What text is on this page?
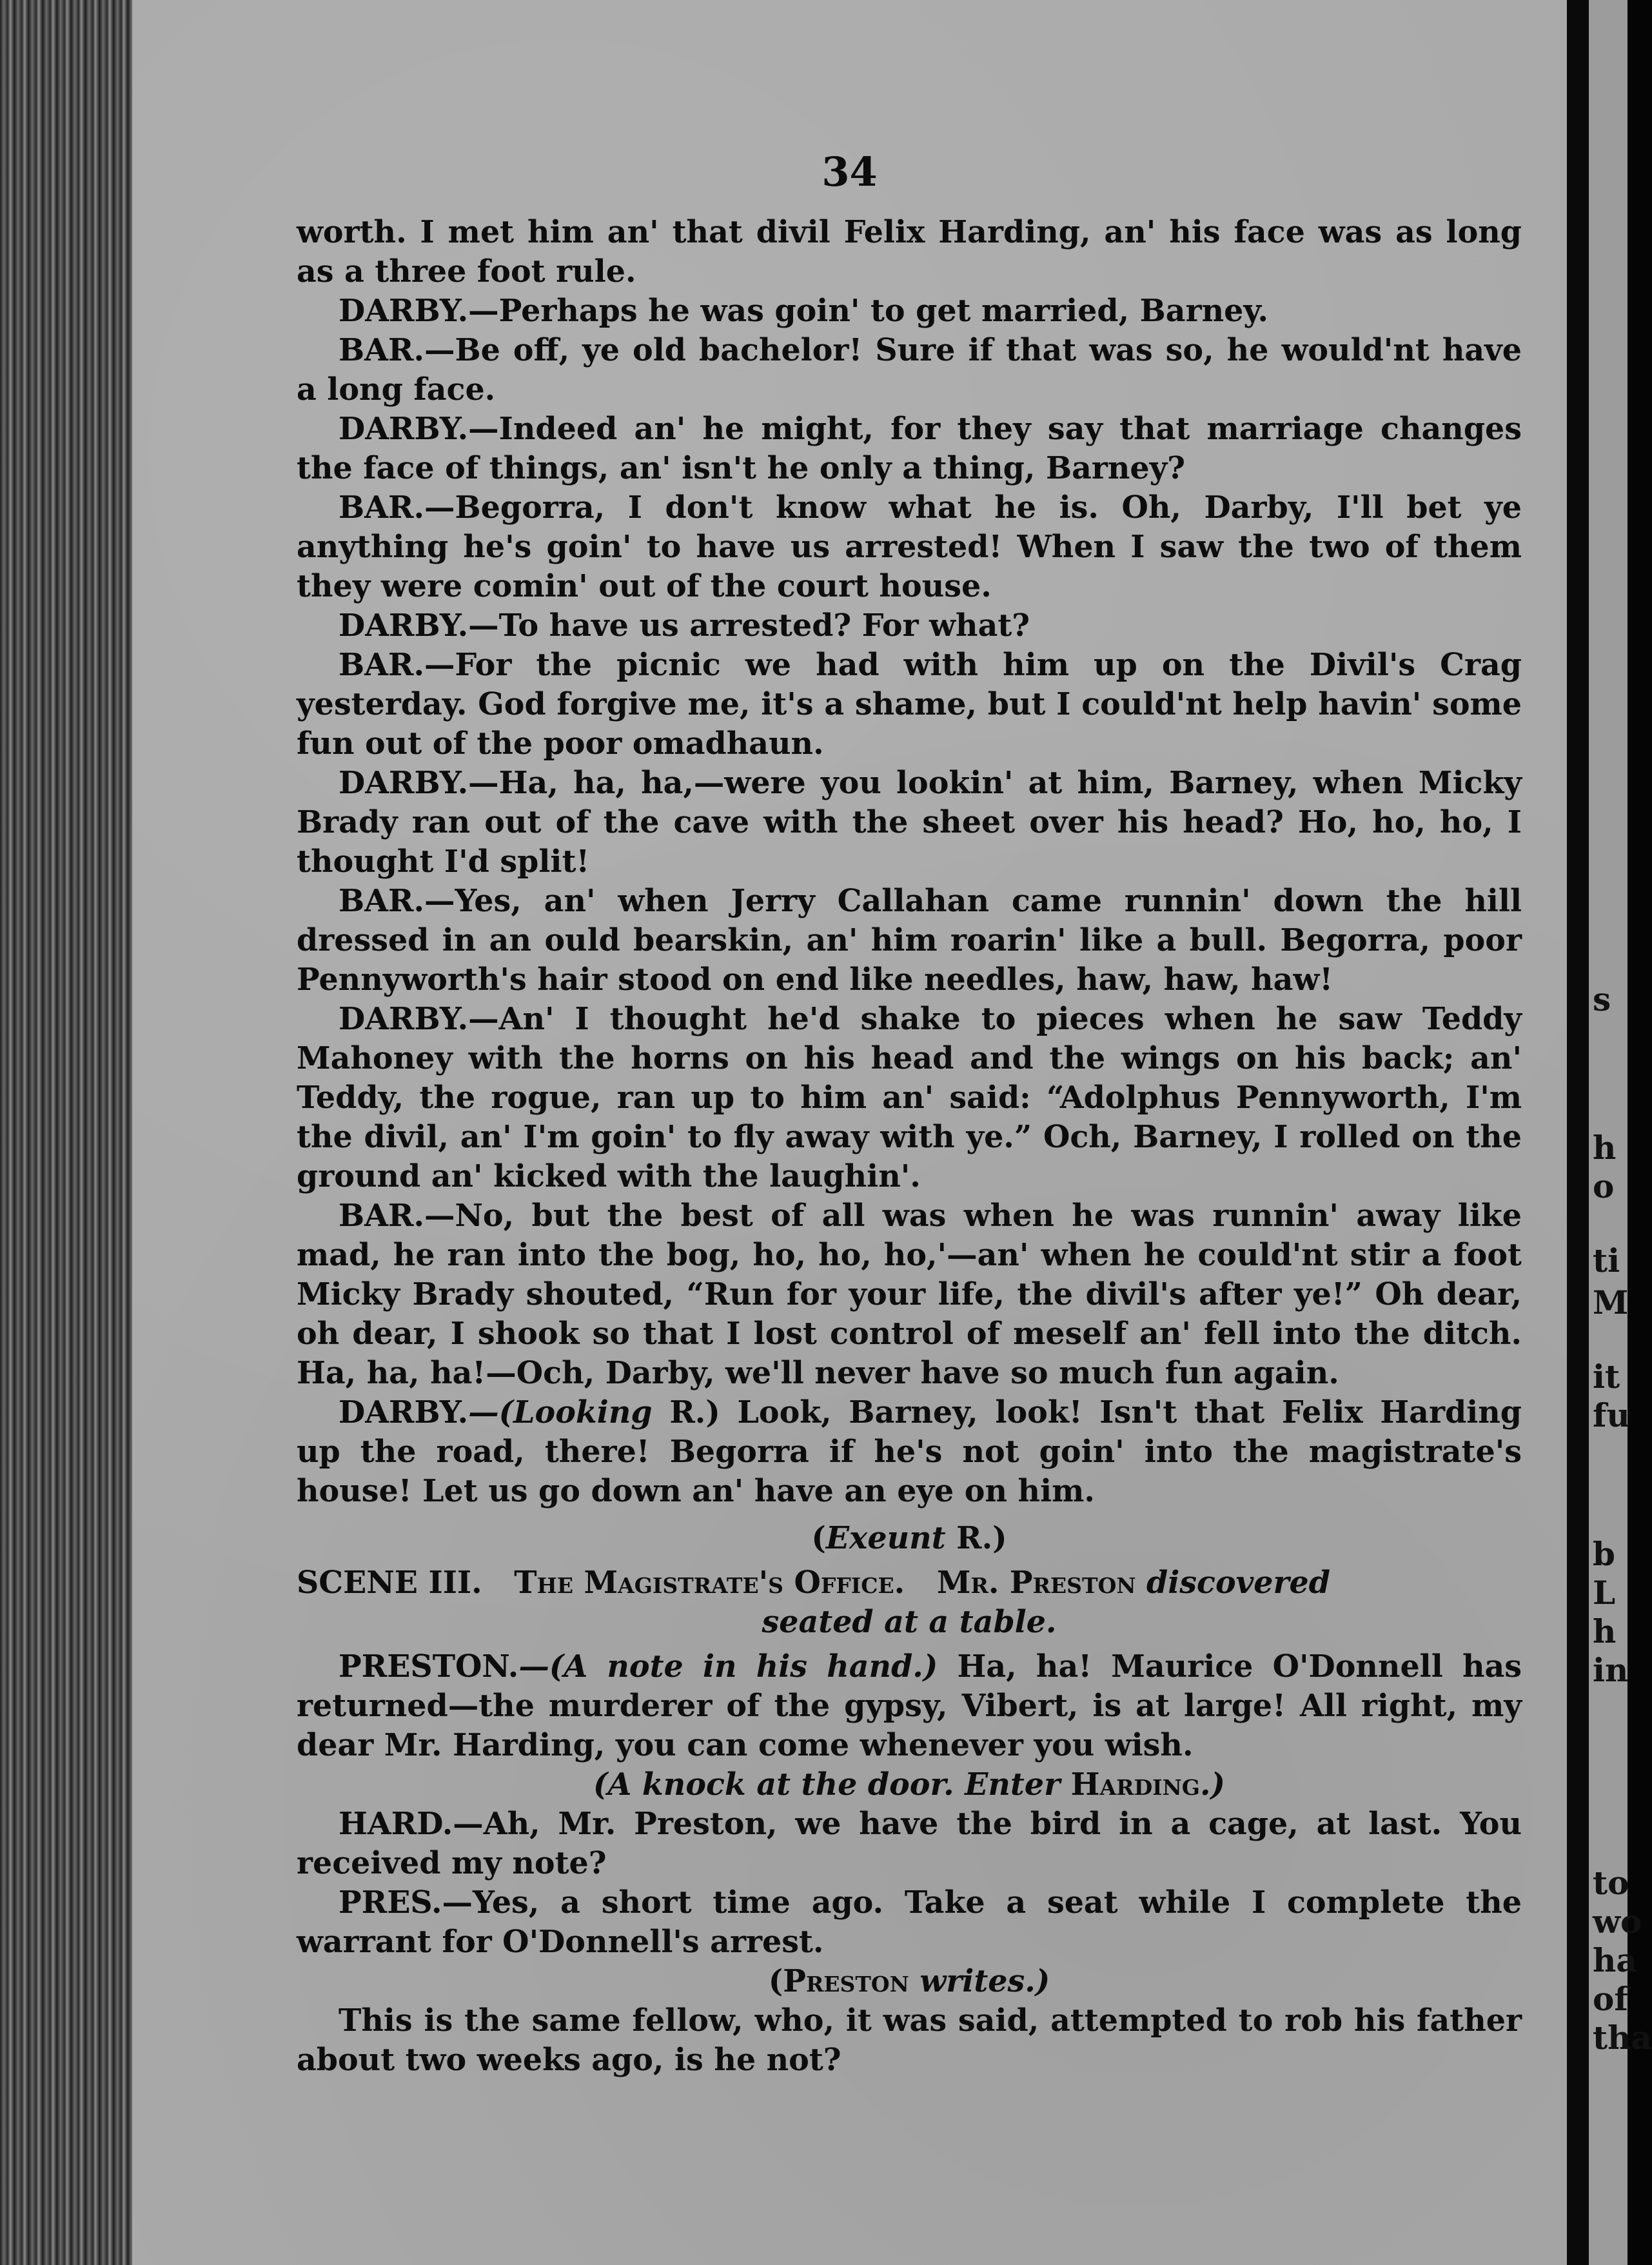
34

worth. I met him an' that divil Felix Harding, an' his face was as long as a three foot rule.

DARBY.—Perhaps he was goin' to get married, Barney.

BAR.—Be off, ye old bachelor! Sure if that was so, he would'nt have a long face.

DARBY.—Indeed an' he might, for they say that marriage changes the face of things, an' isn't he only a thing, Barney?

BAR.—Begorra, I don't know what he is. Oh, Darby, I'll bet ye anything he's goin' to have us arrested! When I saw the two of them they were comin' out of the court house.

DARBY.—To have us arrested? For what?

BAR.—For the picnic we had with him up on the Divil's Crag yesterday. God forgive me, it's a shame, but I could'nt help havin' some fun out of the poor omadhaun.

DARBY.—Ha, ha, ha,—were you lookin' at him, Barney, when Micky Brady ran out of the cave with the sheet over his head? Ho, ho, ho, I thought I'd split!

BAR.—Yes, an' when Jerry Callahan came runnin' down the hill dressed in an ould bearskin, an' him roarin' like a bull. Begorra, poor Pennyworth's hair stood on end like needles, haw, haw, haw!

DARBY.—An' I thought he'd shake to pieces when he saw Teddy Mahoney with the horns on his head and the wings on his back; an' Teddy, the rogue, ran up to him an' said: “Adolphus Pennyworth, I'm the divil, an' I'm goin' to fly away with ye.” Och, Barney, I rolled on the ground an' kicked with the laughin'.

BAR.—No, but the best of all was when he was runnin' away like mad, he ran into the bog, ho, ho, ho,'—an' when he could'nt stir a foot Micky Brady shouted, “Run for your life, the divil's after ye!” Oh dear, oh dear, I shook so that I lost control of meself an' fell into the ditch. Ha, ha, ha!—Och, Darby, we'll never have so much fun again.

DARBY.—(Looking R.) Look, Barney, look! Isn't that Felix Harding up the road, there! Begorra if he's not goin' into the magistrate's house! Let us go down an' have an eye on him.

(Exeunt R.)

SCENE III. The Magistrate's Office. Mr. Preston discovered

seated at a table.

PRESTON.—(A note in his hand.) Ha, ha! Maurice O'Donnell has returned—the murderer of the gypsy, Vibert, is at large! All right, my dear Mr. Harding, you can come whenever you wish.

(A knock at the door. Enter Harding.)

HARD.—Ah, Mr. Preston, we have the bird in a cage, at last. You received my note?

PRES.—Yes, a short time ago. Take a seat while I complete the warrant for O'Donnell's arrest.

(Preston writes.)

This is the same fellow, who, it was said, attempted to rob his father about two weeks ago, is he not?

s
h
o
ti
M
it
fu
b
L
h
in
to
wo
ha
of
tha
